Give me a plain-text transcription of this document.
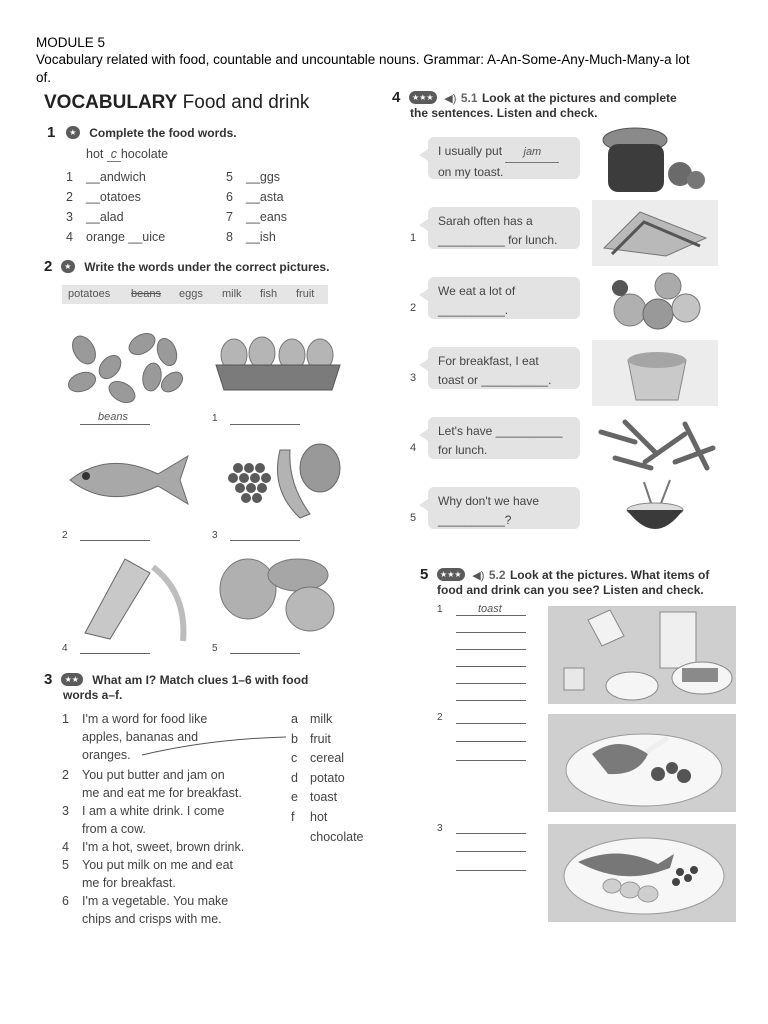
MODULE 5
Vocabulary related with food, countable and uncountable nouns. Grammar: A-An-Some-Any-Much-Many-a lot
of.
VOCABULARY Food and drink
1 ★ Complete the food words.
hot c hocolate
1 __andwich
2 __otatoes
3 __alad
4 orange __uice
5 __ggs
6 __asta
7 __eans
8 __ish
2 ★ Write the words under the correct pictures.
potatoes beans eggs milk fish fruit
beans	1
2	3
4	5
3 ★★ What am I? Match clues 1–6 with food
words a–f.
1 I'm a word for food like
apples, bananas and
oranges.
2 You put butter and jam on
me and eat me for breakfast.
3 I am a white drink. I come
from a cow.
4 I'm a hot, sweet, brown drink.
5 You put milk on me and eat
me for breakfast.
6 I'm a vegetable. You make
chips and crisps with me.
a milk
b fruit
c cereal
d potato
e toast
f hot
chocolate
4 ★★★ ◀) 5.1 Look at the pictures and complete
the sentences. Listen and check.
I usually put jam
on my toast.
1
Sarah often has a
__________ for lunch.
2
We eat a lot of
__________.
3
For breakfast, I eat
toast or __________.
4
Let's have __________
for lunch.
5
Why don't we have
__________?
5 ★★★ ◀) 5.2 Look at the pictures. What items of
food and drink can you see? Listen and check.
1	toast
2
3
